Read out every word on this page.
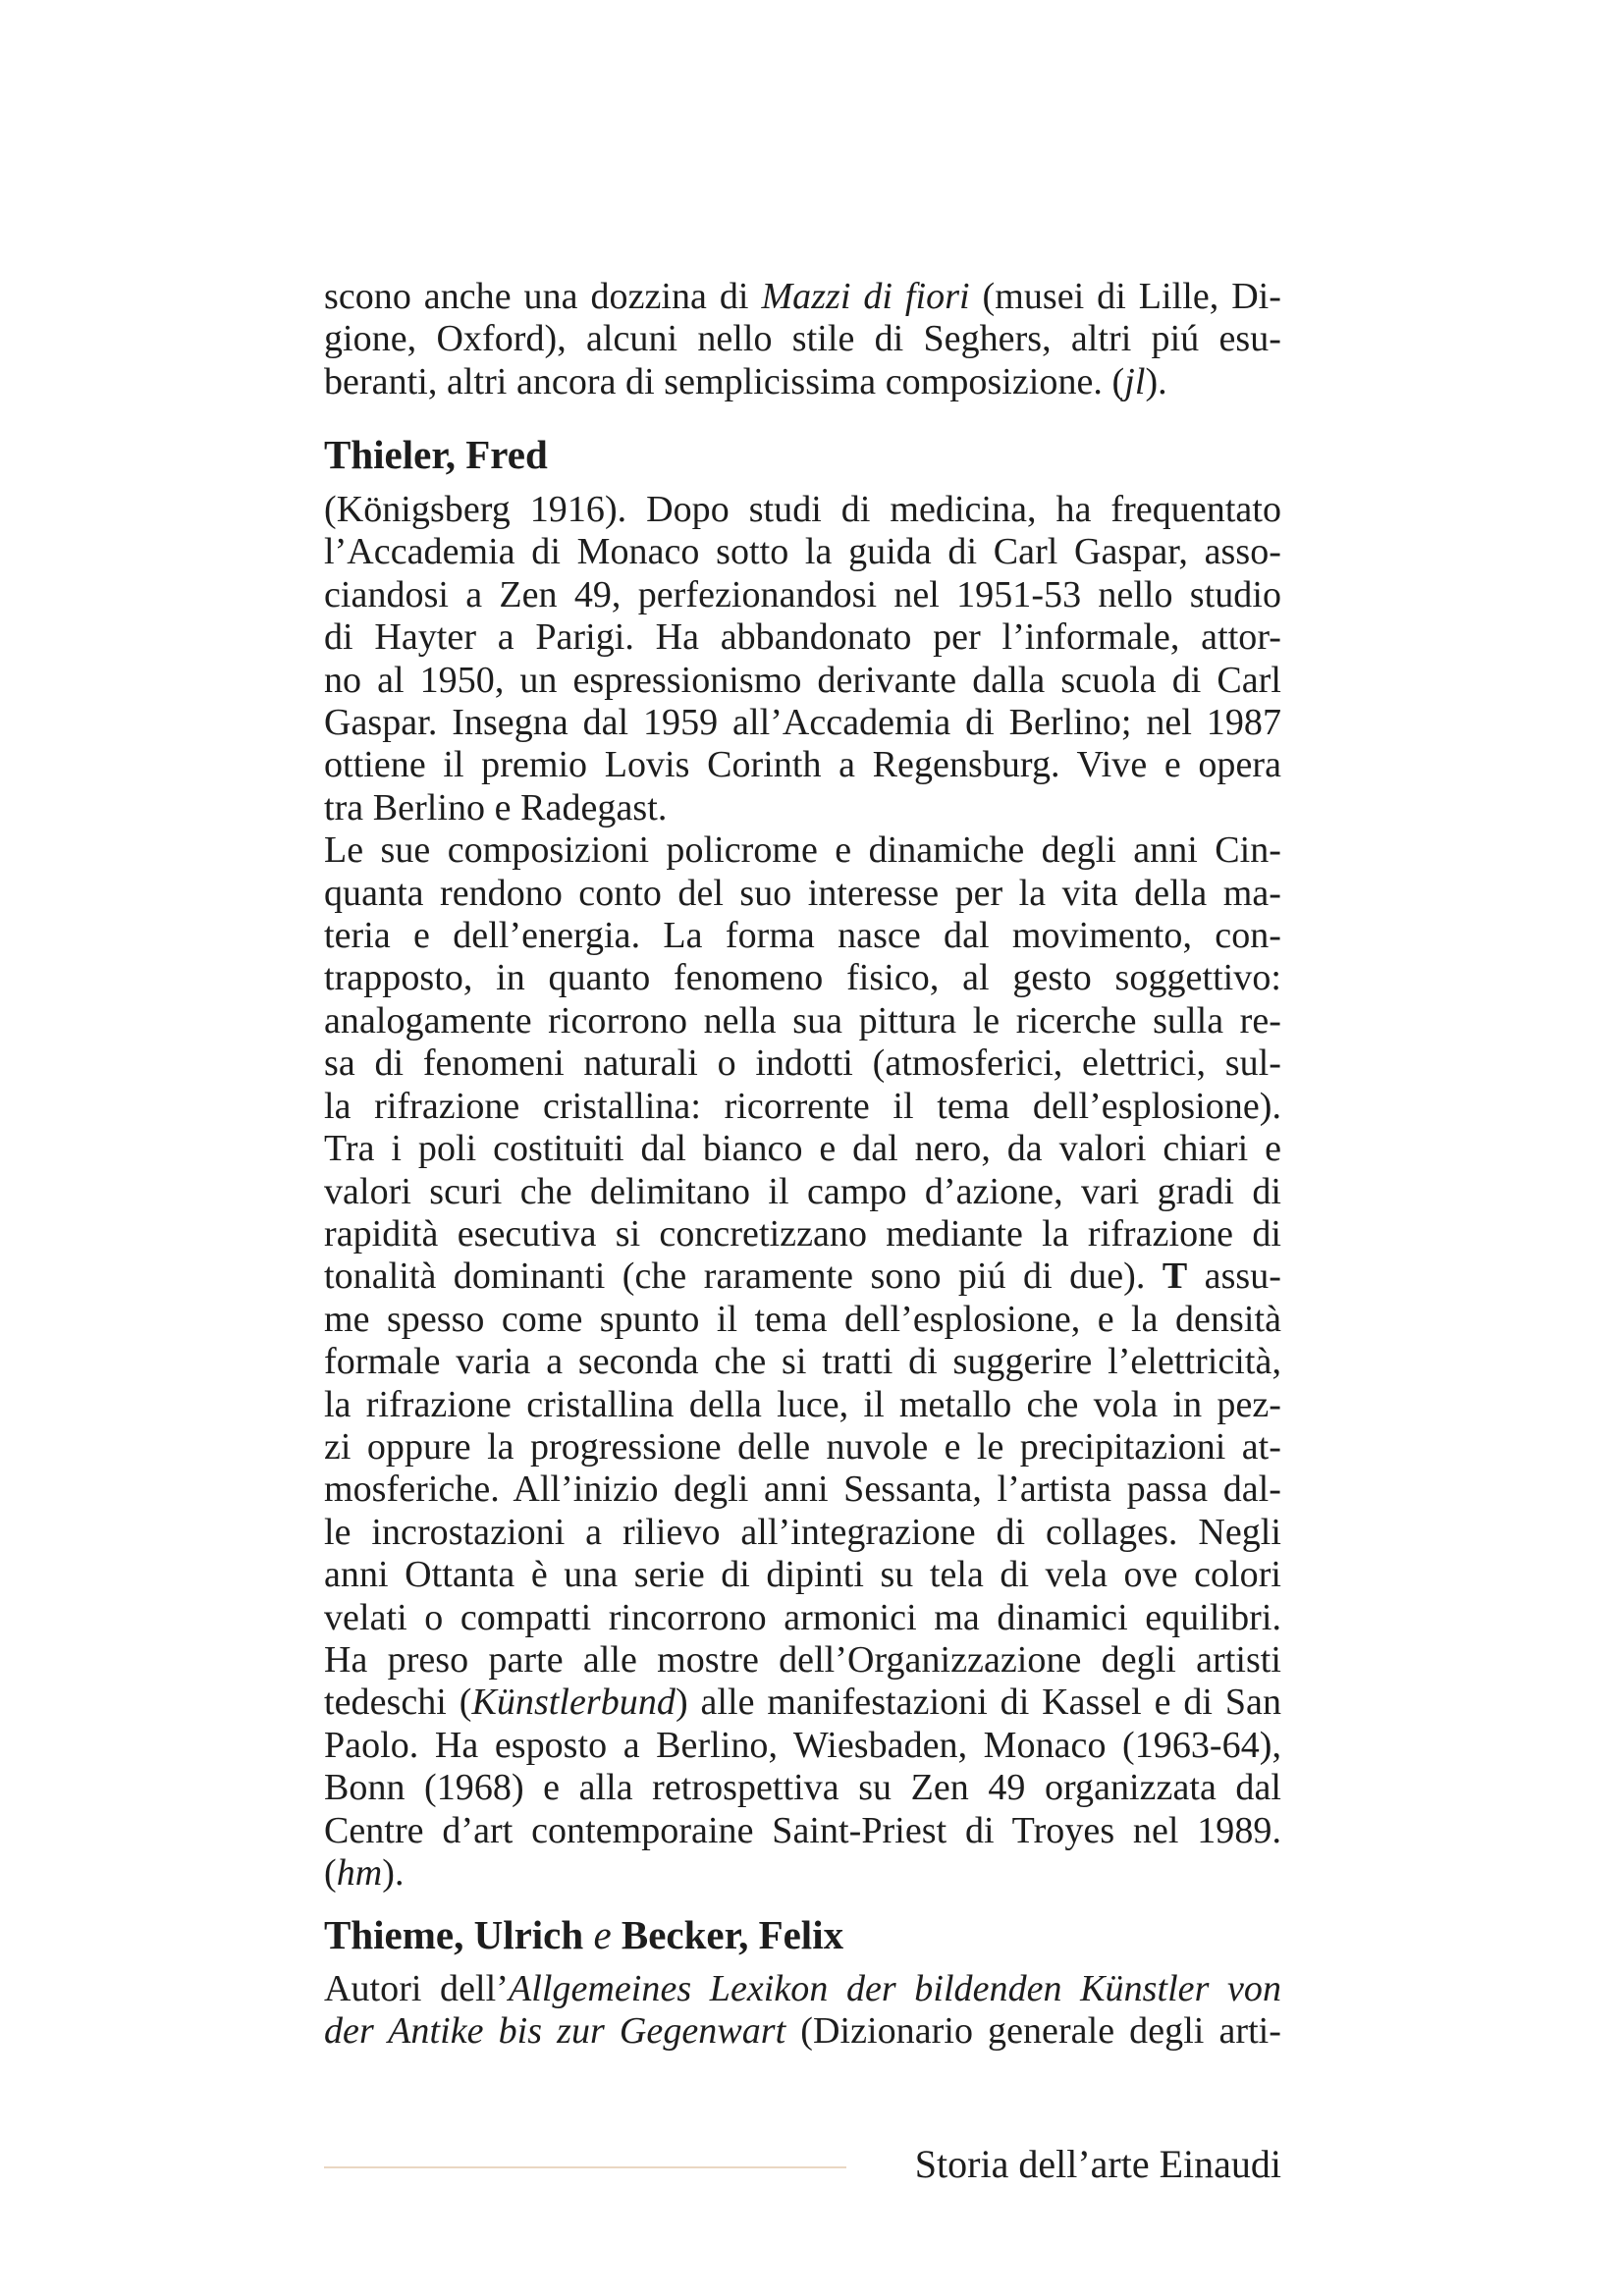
scono anche una dozzina di Mazzi di fiori (musei di Lille, Di-
gione, Oxford), alcuni nello stile di Seghers, altri piú esu-
beranti, altri ancora di semplicissima composizione. (jl).
Thieler, Fred
(Königsberg 1916). Dopo studi di medicina, ha frequentato
l’Accademia di Monaco sotto la guida di Carl Gaspar, asso-
ciandosi a Zen 49, perfezionandosi nel 1951-53 nello studio
di Hayter a Parigi. Ha abbandonato per l’informale, attor-
no al 1950, un espressionismo derivante dalla scuola di Carl
Gaspar. Insegna dal 1959 all’Accademia di Berlino; nel 1987
ottiene il premio Lovis Corinth a Regensburg. Vive e opera
tra Berlino e Radegast.
Le sue composizioni policrome e dinamiche degli anni Cin-
quanta rendono conto del suo interesse per la vita della ma-
teria e dell’energia. La forma nasce dal movimento, con-
trapposto, in quanto fenomeno fisico, al gesto soggettivo:
analogamente ricorrono nella sua pittura le ricerche sulla re-
sa di fenomeni naturali o indotti (atmosferici, elettrici, sul-
la rifrazione cristallina: ricorrente il tema dell’esplosione).
Tra i poli costituiti dal bianco e dal nero, da valori chiari e
valori scuri che delimitano il campo d’azione, vari gradi di
rapidità esecutiva si concretizzano mediante la rifrazione di
tonalità dominanti (che raramente sono piú di due). T assu-
me spesso come spunto il tema dell’esplosione, e la densità
formale varia a seconda che si tratti di suggerire l’elettricità,
la rifrazione cristallina della luce, il metallo che vola in pez-
zi oppure la progressione delle nuvole e le precipitazioni at-
mosferiche. All’inizio degli anni Sessanta, l’artista passa dal-
le incrostazioni a rilievo all’integrazione di collages. Negli
anni Ottanta è una serie di dipinti su tela di vela ove colori
velati o compatti rincorrono armonici ma dinamici equilibri.
Ha preso parte alle mostre dell’Organizzazione degli artisti
tedeschi (Künstlerbund) alle manifestazioni di Kassel e di San
Paolo. Ha esposto a Berlino, Wiesbaden, Monaco (1963-64),
Bonn (1968) e alla retrospettiva su Zen 49 organizzata dal
Centre d’art contemporaine Saint-Priest di Troyes nel 1989.
(hm).
Thieme, Ulrich e Becker, Felix
Autori dell’Allgemeines Lexikon der bildenden Künstler von
der Antike bis zur Gegenwart (Dizionario generale degli arti-
Storia dell’arte Einaudi
